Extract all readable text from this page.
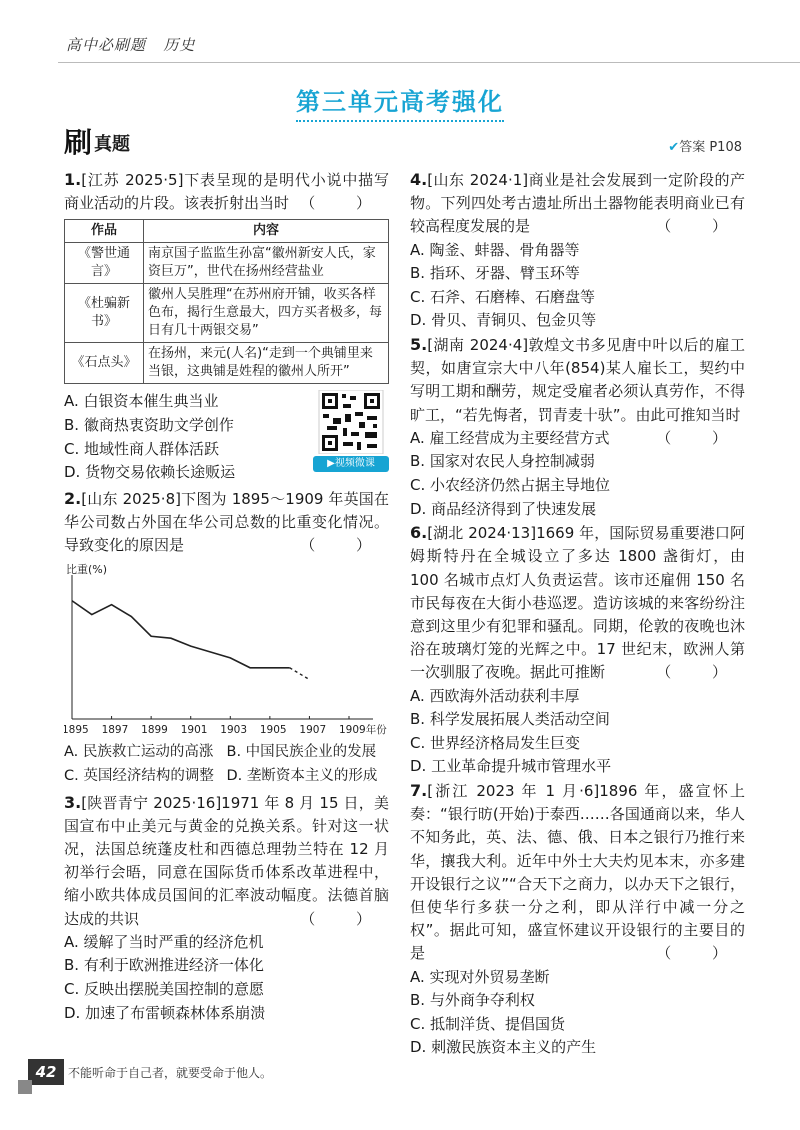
高中必刷题 历史
第三单元高考强化
刷 真题	✔答案 P108
1.[江苏 2025·5]下表呈现的是明代小说中描写商业活动的片段。该表折射出当时 （ ）
作品	内容
《警世通言》	南京国子监监生孙富“徽州新安人氏，家资巨万”，世代在扬州经营盐业
《杜骗新书》	徽州人吴胜理“在苏州府开铺，收买各样色布，揭行生意最大，四方买者极多，每日有几十两银交易”
《石点头》	在扬州，来元(人名)“走到一个典铺里来当银，这典铺是姓程的徽州人所开”
A. 白银资本催生典当业
B. 徽商热衷资助文学创作
C. 地域性商人群体活跃
D. 货物交易依赖长途贩运	▶视频微课
2.[山东 2025·8]下图为 1895～1909 年英国在华公司数占外国在华公司总数的比重变化情况。导致变化的原因是	（ ）
比重(%)
1895 1897 1899 1901 1903 1905 1907 1909年份
A. 民族救亡运动的高涨 B. 中国民族企业的发展
C. 英国经济结构的调整 D. 垄断资本主义的形成
3.[陕晋青宁 2025·16]1971 年 8 月 15 日，美国宣布中止美元与黄金的兑换关系。针对这一状况，法国总统蓬皮杜和西德总理勃兰特在 12 月初举行会晤，同意在国际货币体系改革进程中，缩小欧共体成员国间的汇率波动幅度。法德首脑达成的共识	（ ）
A. 缓解了当时严重的经济危机
B. 有利于欧洲推进经济一体化
C. 反映出摆脱美国控制的意愿
D. 加速了布雷顿森林体系崩溃
4.[山东 2024·1]商业是社会发展到一定阶段的产物。下列四处考古遗址所出土器物能表明商业已有较高程度发展的是	（ ）
A. 陶釜、蚌器、骨角器等
B. 指环、牙器、臂玉环等
C. 石斧、石磨棒、石磨盘等
D. 骨贝、青铜贝、包金贝等
5.[湖南 2024·4]敦煌文书多见唐中叶以后的雇工契，如唐宣宗大中八年(854)某人雇长工，契约中写明工期和酬劳，规定受雇者必须认真劳作，不得旷工，“若先悔者，罚青麦十驮”。由此可推知当时
（ ）
A. 雇工经营成为主要经营方式
B. 国家对农民人身控制减弱
C. 小农经济仍然占据主导地位
D. 商品经济得到了快速发展
6.[湖北 2024·13]1669 年，国际贸易重要港口阿姆斯特丹在全城设立了多达 1800 盏街灯，由 100 名城市点灯人负责运营。该市还雇佣 150 名市民每夜在大街小巷巡逻。造访该城的来客纷纷注意到这里少有犯罪和骚乱。同期，伦敦的夜晚也沐浴在玻璃灯笼的光辉之中。17 世纪末，欧洲人第一次驯服了夜晚。据此可推断	（ ）
A. 西欧海外活动获利丰厚
B. 科学发展拓展人类活动空间
C. 世界经济格局发生巨变
D. 工业革命提升城市管理水平
7.[浙江 2023 年 1 月·6]1896 年，盛宣怀上奏：“银行昉(开始)于泰西……各国通商以来，华人不知务此，英、法、德、俄、日本之银行乃推行来华，攘我大利。近年中外士大夫灼见本末，亦多建开设银行之议”“合天下之商力，以办天下之银行，但使华行多获一分之利，即从洋行中减一分之权”。据此可知，盛宣怀建议开设银行的主要目的是	（ ）
A. 实现对外贸易垄断
B. 与外商争夺利权
C. 抵制洋货、提倡国货
D. 刺激民族资本主义的产生
42 不能听命于自己者，就要受命于他人。
